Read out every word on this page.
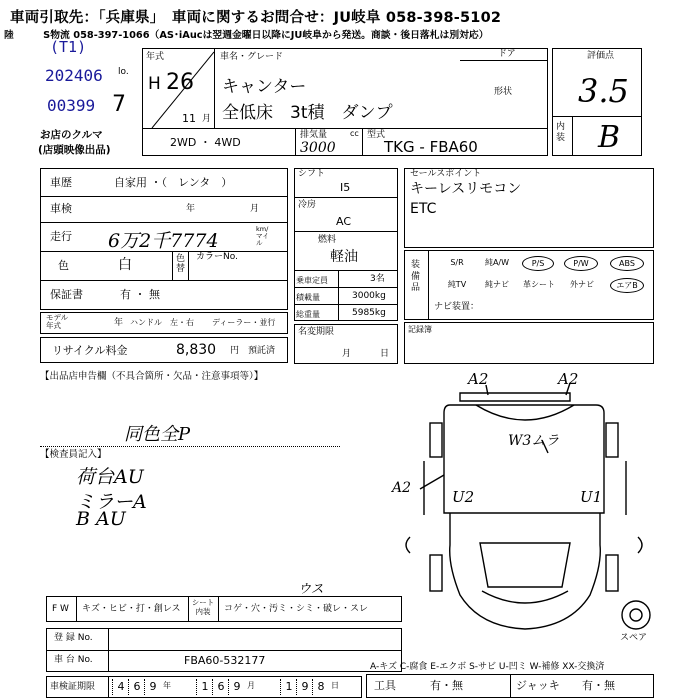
車両引取先：「兵庫県」　車両に関するお問合せ：JU岐阜 058-398-5102
陸　　　S物流 058-397-1066（AS･iAucは翌週金曜日以降にJU岐阜から発送。商談・後日落札は別対応）
(T1)
202406
00399
lo.
7
お店のクルマ
(店頭映像出品)
年式	車名・グレード	ドア
形状
H 26
11 月
キャンター
全低床　3t積　ダンプ
2WD ・ 4WD
排気量
3000
cc 型式
TKG - FBA60
評価点
3.5
内装 B
車歴	自家用 ・（　レンタ　）
車検	年	月
走行 6万2千7774
km/マイル
色	白	色替
カラーNo.
保証書	有 ・ 無
モデル年式	年 ハンドル　左・右 ディーラー・並行
リサイクル料金	8,830 円　預託済
シフト
I5
冷房
AC
燃料
軽油
乗車定員	3名
積載量	3000kg
総重量	5985kg
名変期限
月	日
セールスポイント
キーレスリモコン
ETC
装備品
S/R	純A/W	P/S	P/W	ABS
純TV	純ナビ	革シート	外ナビ	エアB
ナビ装置：
記録簿
【出品店申告欄（不具合箇所・欠品・注意事項等）】
同色全P
【検査員記入】
荷台AU
ミラーA
B AU
A2	A2
A2
W3ムラ
U2	U1
スペア
F W キズ・ヒビ・打・創レス
シート内装	コゲ・穴・汚ミ・シミ・破レ・スレ
ウス
登 録 No.
車 台 No.	FBA60-532177
車検証期限	4 6 9 年	1 6 9 月	1 9 8 日
A-キズ C-腐食 E-エクボ S-サビ U-凹ミ W-補修 XX-交換済
工具	有・無	ジャッキ 有・無
